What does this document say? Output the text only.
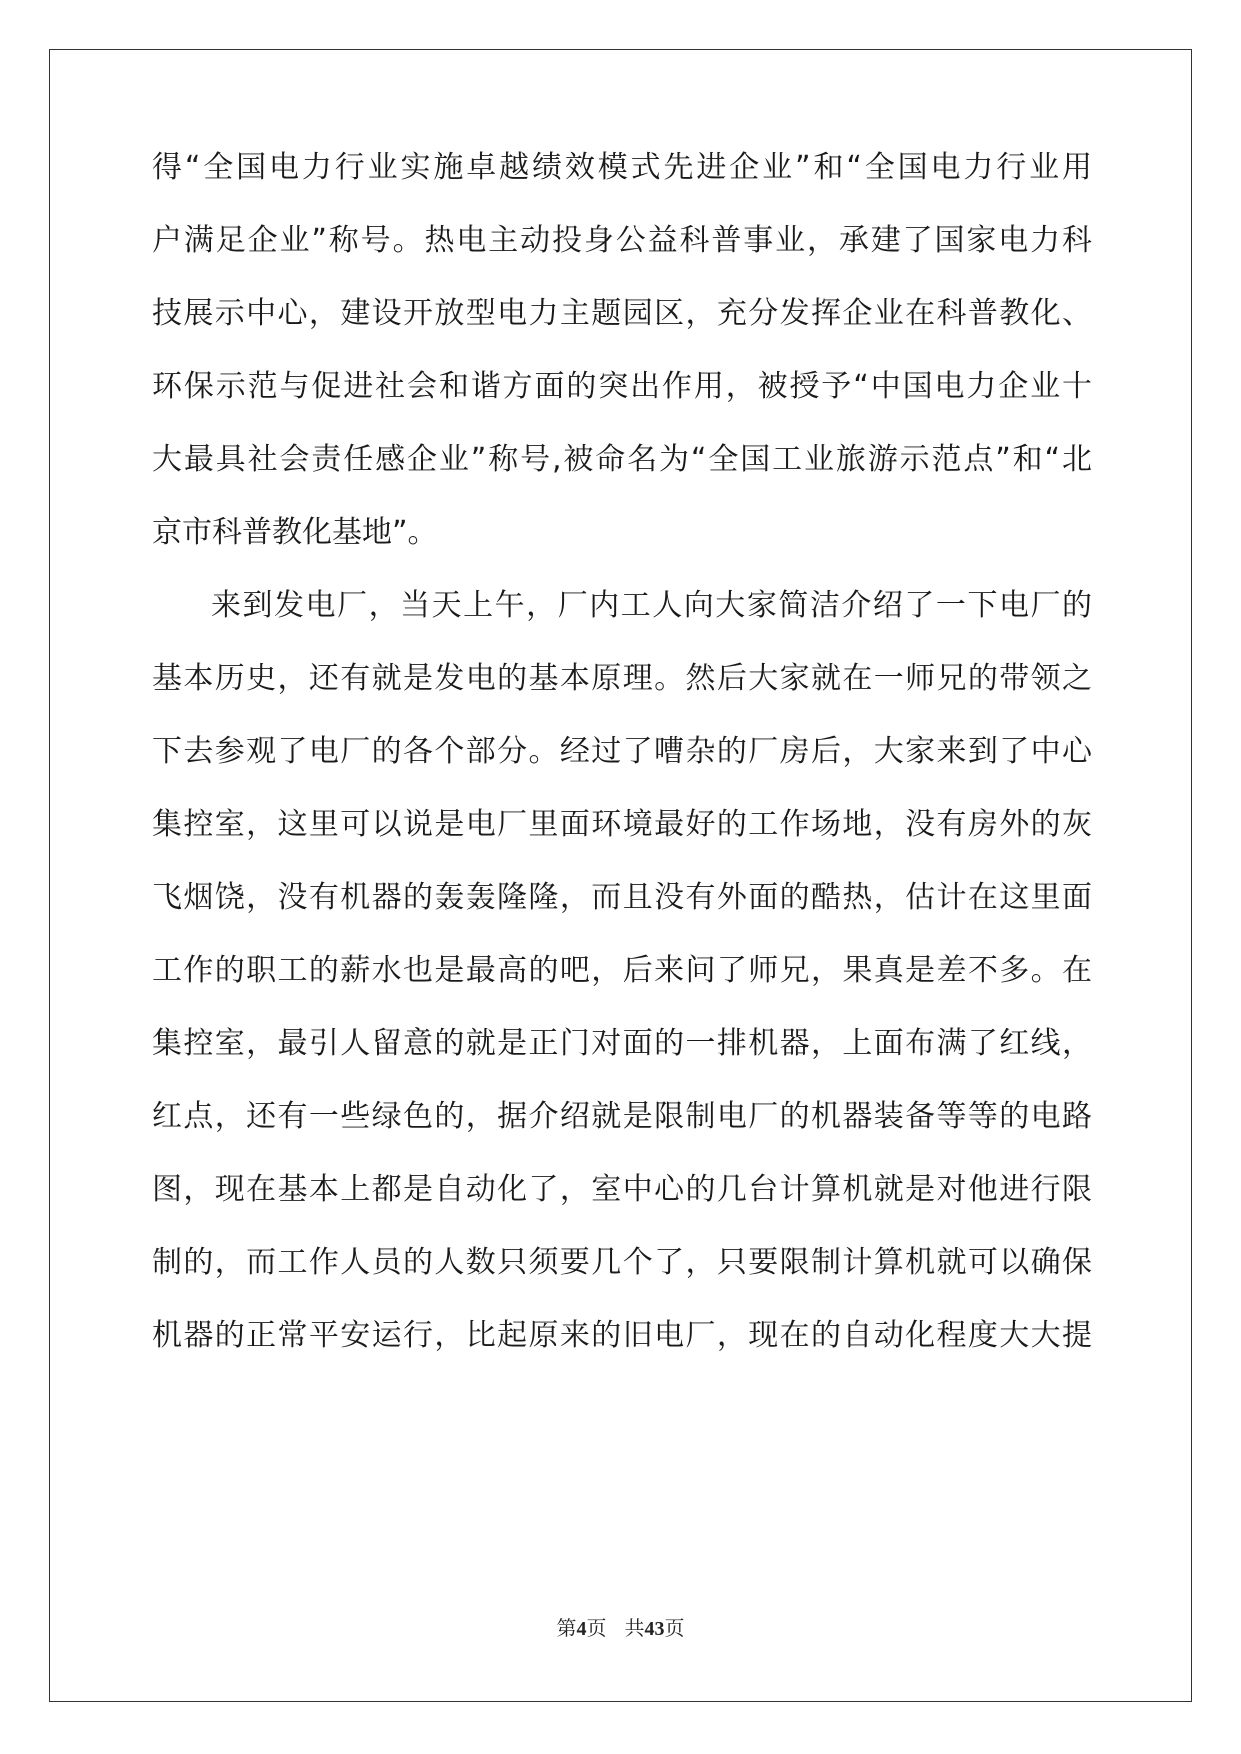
得“全国电力行业实施卓越绩效模式先进企业”和“全国电力行业用
户满足企业”称号。热电主动投身公益科普事业，承建了国家电力科
技展示中心，建设开放型电力主题园区，充分发挥企业在科普教化、
环保示范与促进社会和谐方面的突出作用，被授予“中国电力企业十
大最具社会责任感企业”称号,被命名为“全国工业旅游示范点”和“北
京市科普教化基地”。
来到发电厂，当天上午，厂内工人向大家简洁介绍了一下电厂的
基本历史，还有就是发电的基本原理。然后大家就在一师兄的带领之
下去参观了电厂的各个部分。经过了嘈杂的厂房后，大家来到了中心
集控室，这里可以说是电厂里面环境最好的工作场地，没有房外的灰
飞烟饶，没有机器的轰轰隆隆，而且没有外面的酷热，估计在这里面
工作的职工的薪水也是最高的吧，后来问了师兄，果真是差不多。在
集控室，最引人留意的就是正门对面的一排机器，上面布满了红线，
红点，还有一些绿色的，据介绍就是限制电厂的机器装备等等的电路
图，现在基本上都是自动化了，室中心的几台计算机就是对他进行限
制的，而工作人员的人数只须要几个了，只要限制计算机就可以确保
机器的正常平安运行，比起原来的旧电厂，现在的自动化程度大大提
第4页 共43页
